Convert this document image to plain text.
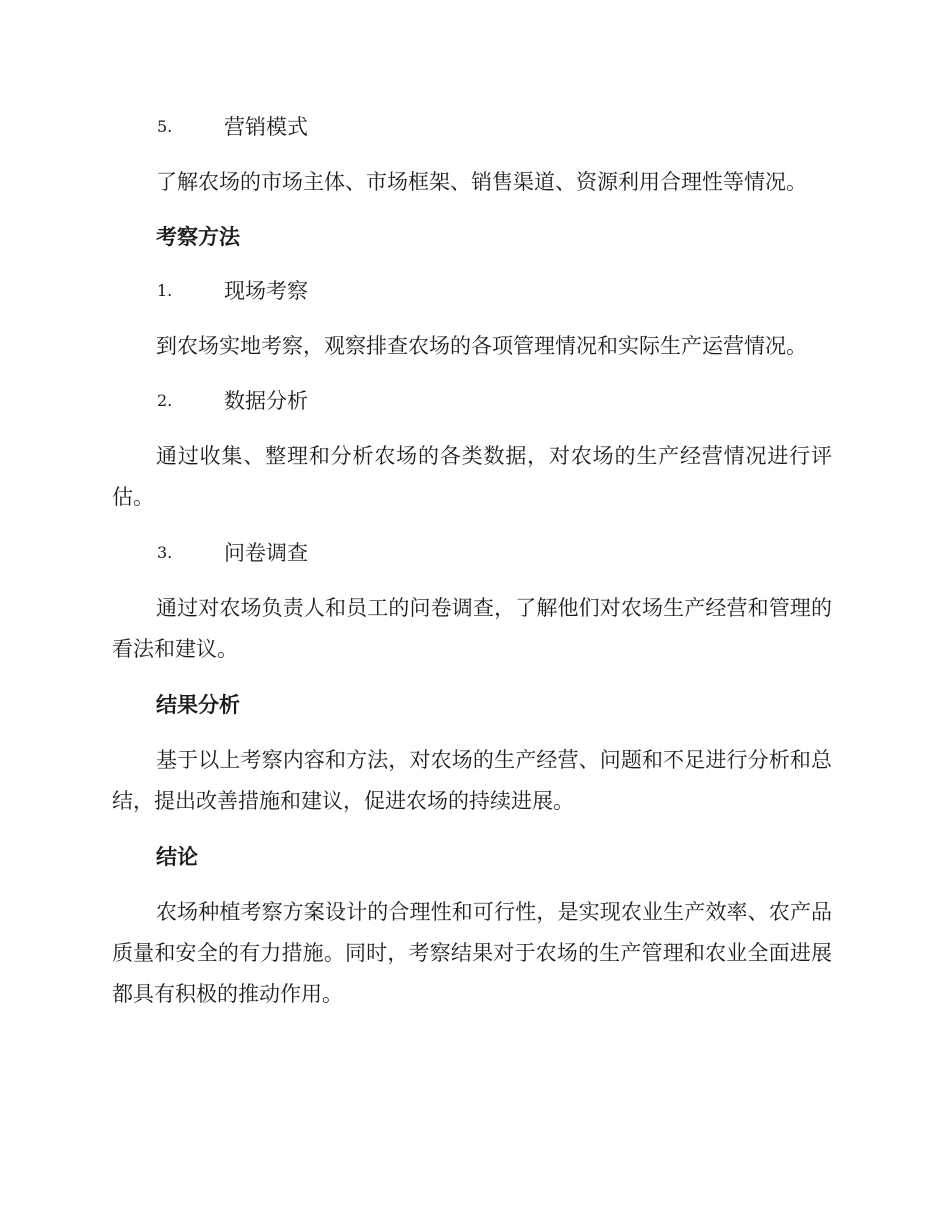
5. 营销模式
了解农场的市场主体、市场框架、销售渠道、资源利用合理性等情况。
考察方法
1. 现场考察
到农场实地考察，观察排查农场的各项管理情况和实际生产运营情况。
2. 数据分析
通过收集、整理和分析农场的各类数据，对农场的生产经营情况进行评估。
3. 问卷调查
通过对农场负责人和员工的问卷调查，了解他们对农场生产经营和管理的看法和建议。
结果分析
基于以上考察内容和方法，对农场的生产经营、问题和不足进行分析和总结，提出改善措施和建议，促进农场的持续进展。
结论
农场种植考察方案设计的合理性和可行性，是实现农业生产效率、农产品质量和安全的有力措施。同时，考察结果对于农场的生产管理和农业全面进展都具有积极的推动作用。
